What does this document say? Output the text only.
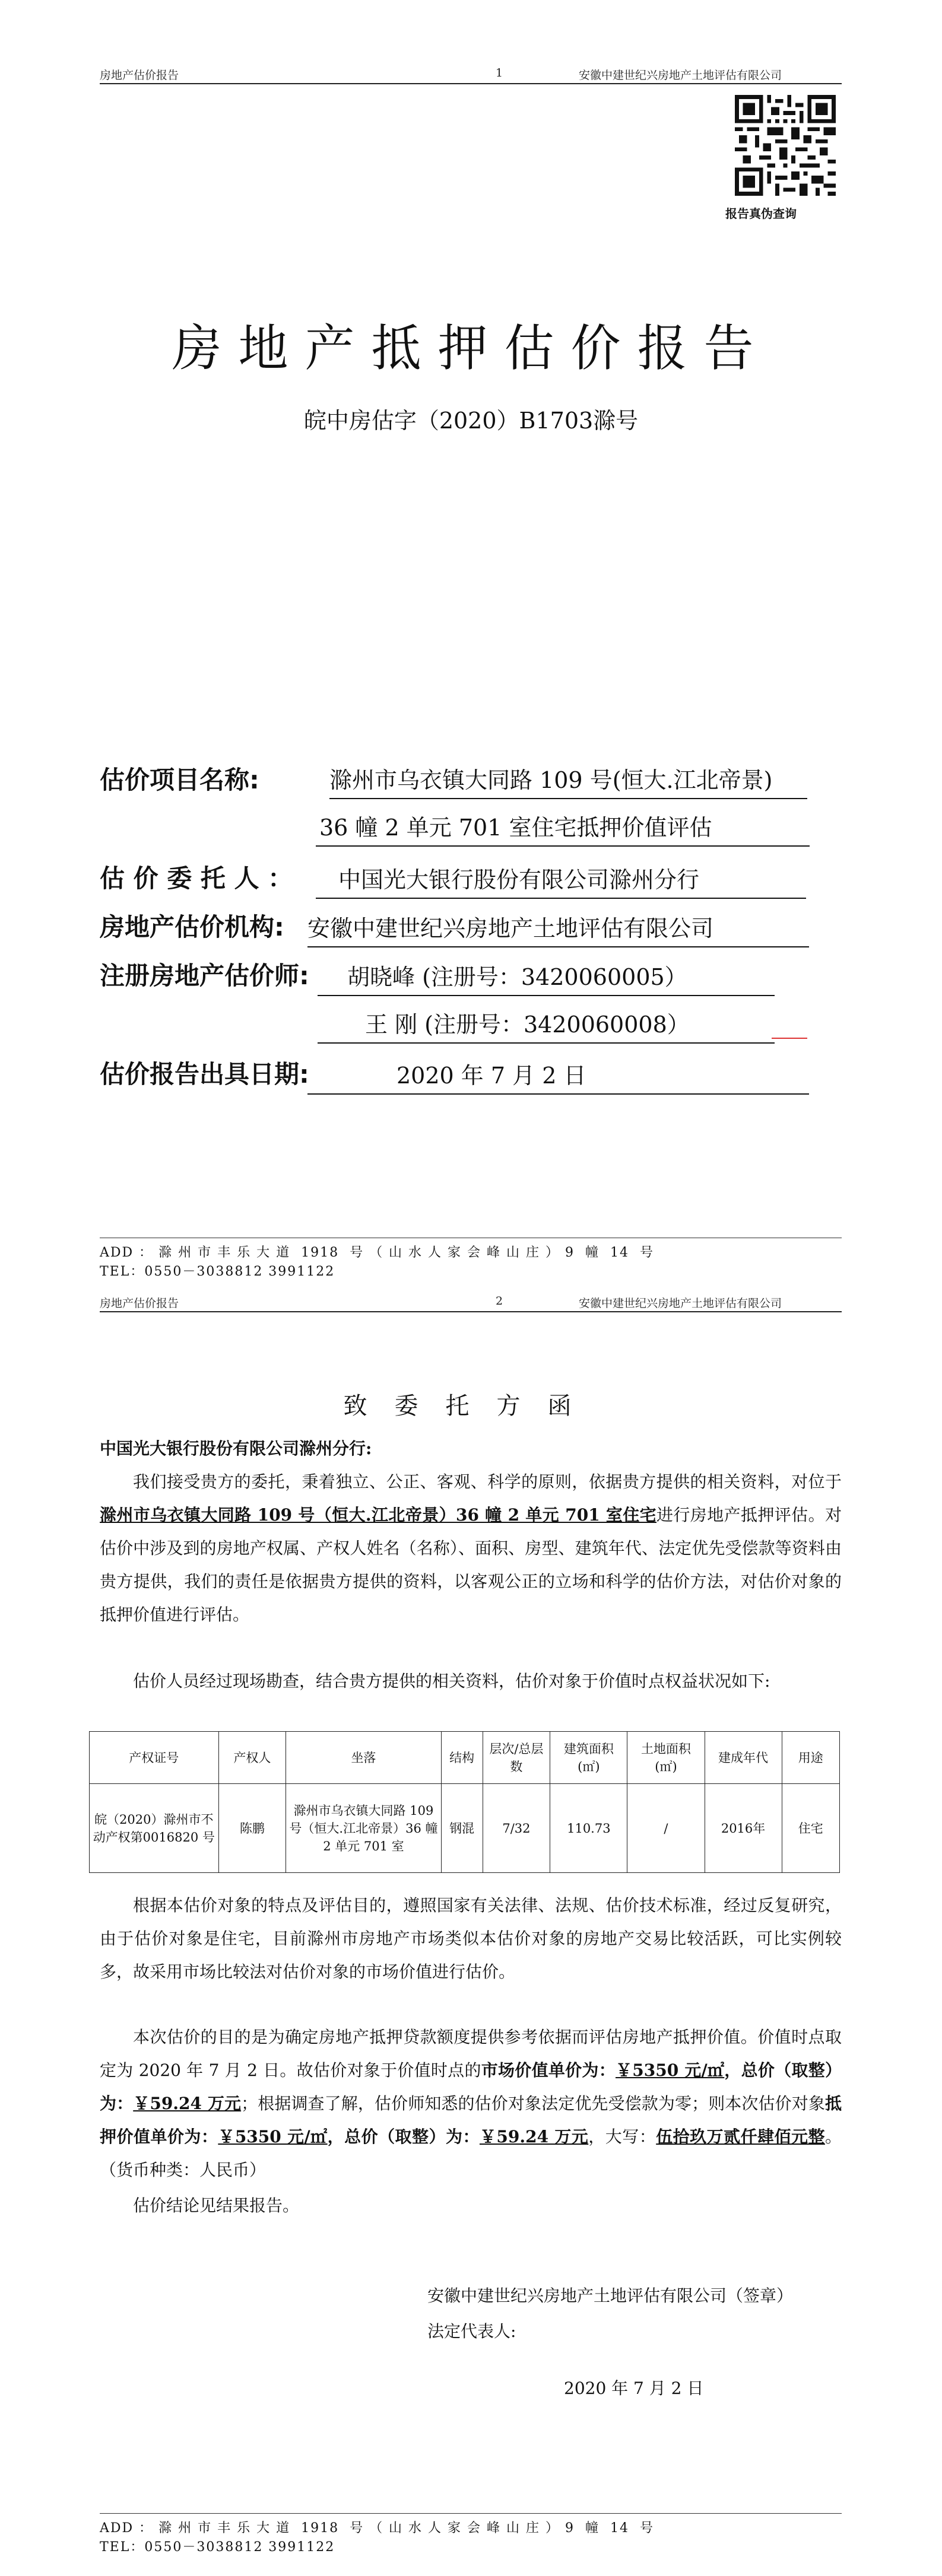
房地产估价报告	1	安徽中建世纪兴房地产土地评估有限公司
报告真伪查询
房地产抵押估价报告
皖中房估字（2020）B1703滁号
估价项目名称:	滁州市乌衣镇大同路 109 号(恒大.江北帝景)
36 幢 2 单元 701 室住宅抵押价值评估
估 价 委 托 人 ：	中国光大银行股份有限公司滁州分行
房地产估价机构: 安徽中建世纪兴房地产土地评估有限公司
注册房地产估价师:	胡晓峰 (注册号：3420060005）
王 刚 (注册号：3420060008）
估价报告出具日期:	2020 年 7 月 2 日
ADD ： 滁 州 市 丰 乐 大 道  1918  号 （ 山 水 人 家 会 峰 山 庄 ） 9  幢  14  号
TEL：0550－3038812 3991122
房地产估价报告	2	安徽中建世纪兴房地产土地评估有限公司
致委托方函
中国光大银行股份有限公司滁州分行:
我们接受贵方的委托，秉着独立、公正、客观、科学的原则，依据贵方提供的相关资料，对位于滁州市乌衣镇大同路 109 号（恒大.江北帝景）36 幢 2 单元 701 室住宅进行房地产抵押评估。对估价中涉及到的房地产权属、产权人姓名（名称）、面积、房型、建筑年代、法定优先受偿款等资料由贵方提供，我们的责任是依据贵方提供的资料，以客观公正的立场和科学的估价方法，对估价对象的抵押价值进行评估。
估价人员经过现场勘查，结合贵方提供的相关资料，估价对象于价值时点权益状况如下:
产权证号	产权人	坐落	结构	层次/总层数	建筑面积(㎡)	土地面积(㎡)	建成年代	用途
皖（2020）滁州市不动产权第0016820 号	陈鹏	滁州市乌衣镇大同路 109 号（恒大.江北帝景）36 幢 2 单元 701 室	钢混	7/32	110.73	/	2016年	住宅
根据本估价对象的特点及评估目的，遵照国家有关法律、法规、估价技术标准，经过反复研究，由于估价对象是住宅，目前滁州市房地产市场类似本估价对象的房地产交易比较活跃，可比实例较多，故采用市场比较法对估价对象的市场价值进行估价。
本次估价的目的是为确定房地产抵押贷款额度提供参考依据而评估房地产抵押价值。价值时点取定为 2020 年 7 月 2 日。故估价对象于价值时点的市场价值单价为：￥5350 元/㎡，总价（取整）为：￥59.24 万元；根据调查了解，估价师知悉的估价对象法定优先受偿款为零；则本次估价对象抵押价值单价为：￥5350 元/㎡，总价（取整）为：￥59.24 万元，大写：伍拾玖万贰仟肆佰元整。（货币种类：人民币）
估价结论见结果报告。
安徽中建世纪兴房地产土地评估有限公司（签章）
法定代表人:
2020 年 7 月 2 日
ADD ： 滁 州 市 丰 乐 大 道  1918  号 （ 山 水 人 家 会 峰 山 庄 ） 9  幢  14  号
TEL：0550－3038812 3991122
